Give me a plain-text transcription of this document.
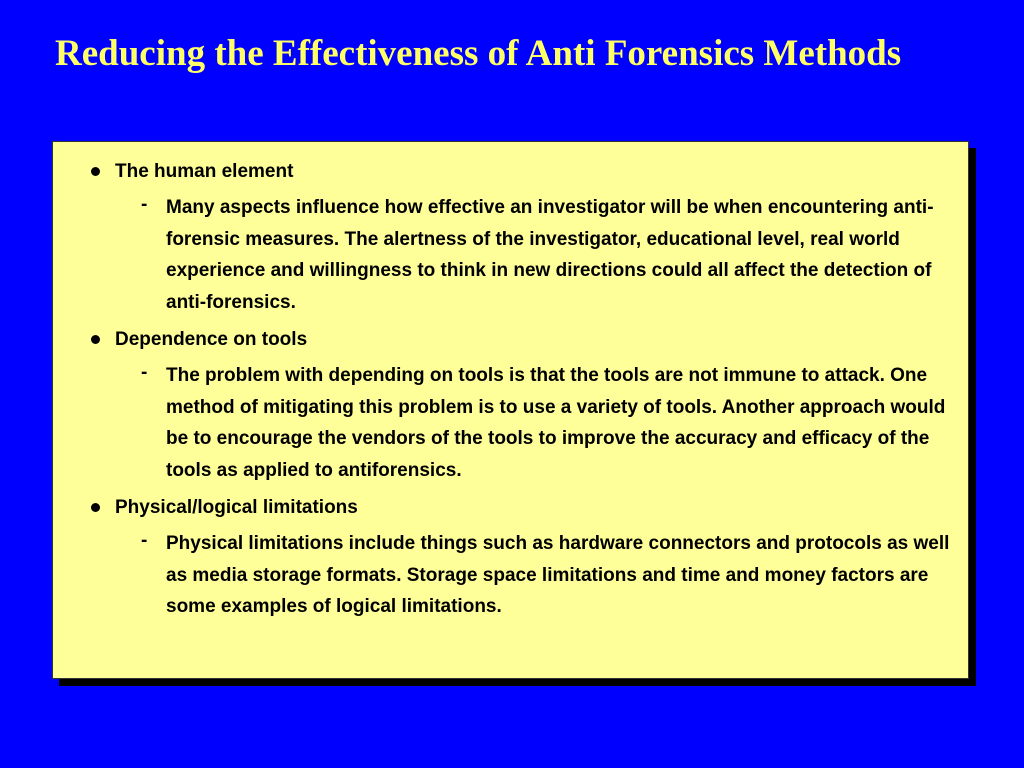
Reducing the Effectiveness of Anti Forensics Methods
The human element
- Many aspects influence how effective an investigator will be when encountering anti-forensic measures. The alertness of the investigator, educational level, real world experience and willingness to think in new directions could all affect the detection of anti-forensics.
Dependence on tools
- The problem with depending on tools is that the tools are not immune to attack. One method of mitigating this problem is to use a variety of tools. Another approach would be to encourage the vendors of the tools to improve the accuracy and efficacy of the tools as applied to antiforensics.
Physical/logical limitations
- Physical limitations include things such as hardware connectors and protocols as well as media storage formats. Storage space limitations and time and money factors are some examples of logical limitations.
